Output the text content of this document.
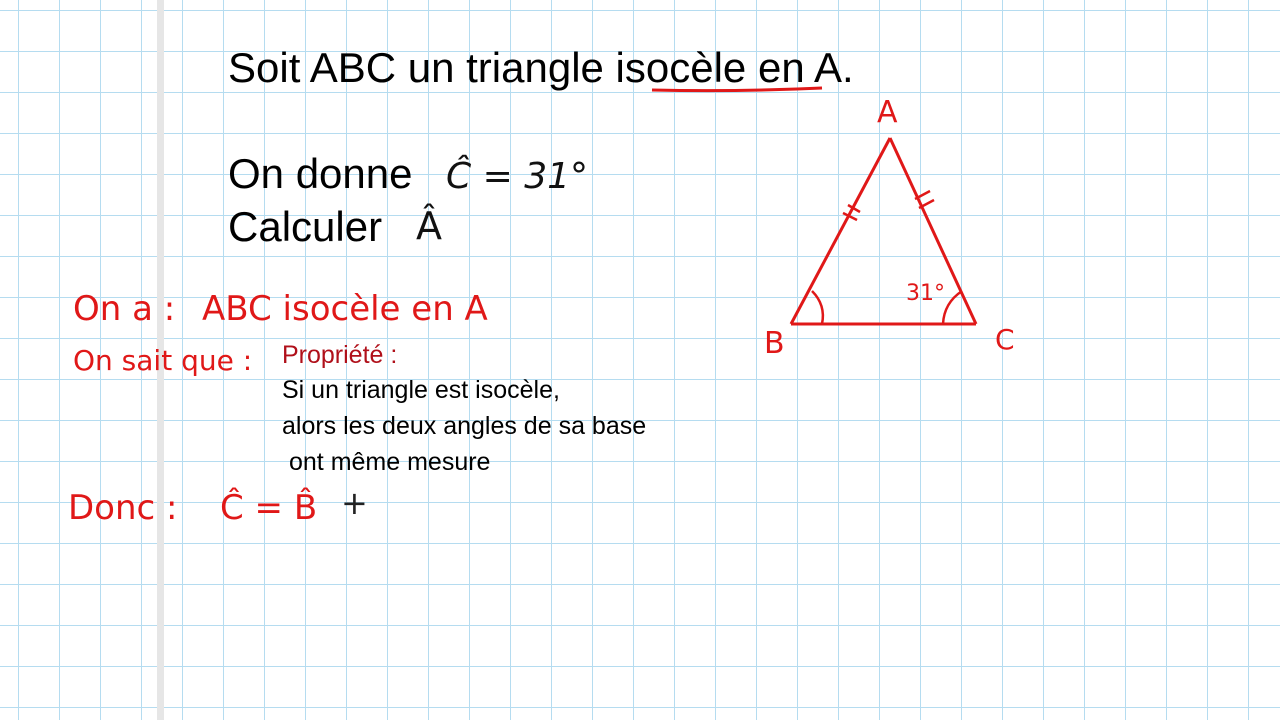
Soit ABC un triangle isocèle en A.
On donne
Calculer
Propriété :
Si un triangle est isocèle,
alors les deux angles de sa base
ont même mesure
Ĉ = 31°
Â
A
B	C
31°
On a : ABC isocèle en A
On sait que :
Donc : Ĉ = B̂ +
